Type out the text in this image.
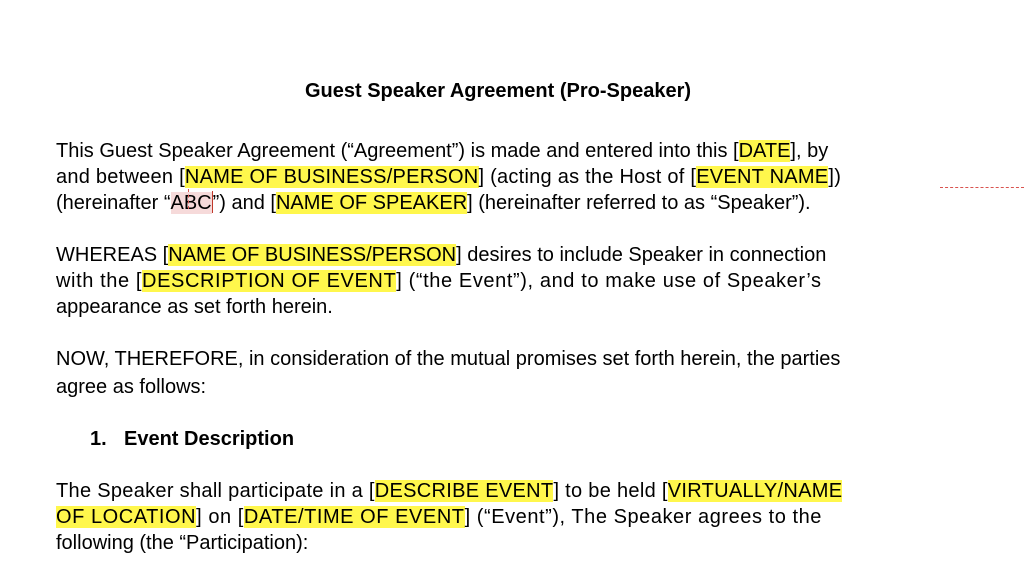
Guest Speaker Agreement (Pro-Speaker)
This Guest Speaker Agreement (“Agreement”) is made and entered into this [DATE], by
and between [NAME OF BUSINESS/PERSON] (acting as the Host of [EVENT NAME])
(hereinafter “ABC”) and [NAME OF SPEAKER] (hereinafter referred to as “Speaker”).
WHEREAS [NAME OF BUSINESS/PERSON] desires to include Speaker in connection
with the [DESCRIPTION OF EVENT] (“the Event”), and to make use of Speaker’s
appearance as set forth herein.
NOW, THEREFORE, in consideration of the mutual promises set forth herein, the parties
agree as follows:
1. Event Description
The Speaker shall participate in a [DESCRIBE EVENT] to be held [VIRTUALLY/NAME
OF LOCATION] on [DATE/TIME OF EVENT] (“Event”), The Speaker agrees to the
following (the “Participation):
